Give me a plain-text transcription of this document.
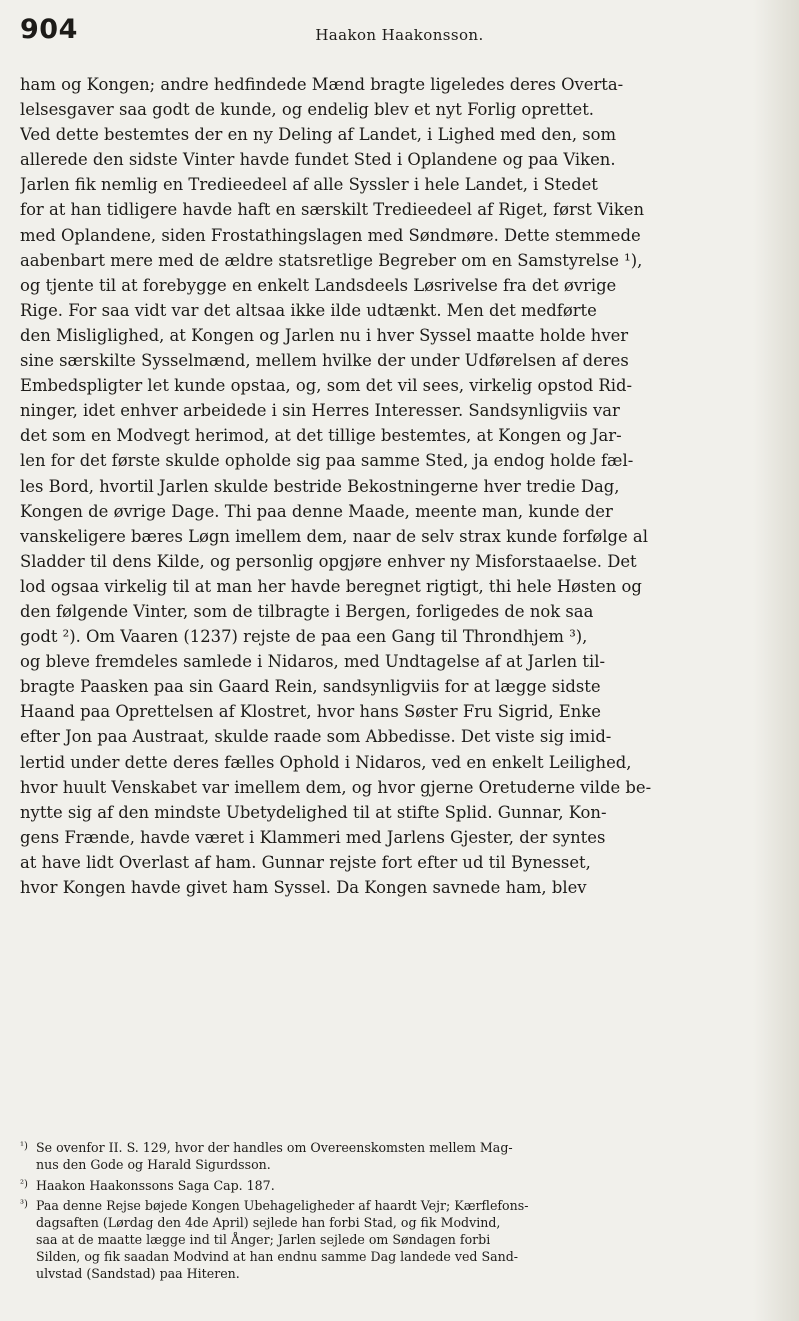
904	Haakon Haakonsson.
ham og Kongen; andre hedfindede Mænd bragte ligeledes deres Overta-
lelsesgaver saa godt de kunde, og endelig blev et nyt Forlig oprettet.
Ved dette bestemtes der en ny Deling af Landet, i Lighed med den, som
allerede den sidste Vinter havde fundet Sted i Oplandene og paa Viken.
Jarlen fik nemlig en Tredieedeel af alle Syssler i hele Landet, i Stedet
for at han tidligere havde haft en særskilt Tredieedeel af Riget, først Viken
med Oplandene, siden Frostathingslagen med Søndmøre. Dette stemmede
aabenbart mere med de ældre statsretlige Begreber om en Samstyrelse ¹),
og tjente til at forebygge en enkelt Landsdeels Løsrivelse fra det øvrige
Rige. For saa vidt var det altsaa ikke ilde udtænkt. Men det medførte
den Misliglighed, at Kongen og Jarlen nu i hver Syssel maatte holde hver
sine særskilte Sysselmænd, mellem hvilke der under Udførelsen af deres
Embedspligter let kunde opstaa, og, som det vil sees, virkelig opstod Rid-
ninger, idet enhver arbeidede i sin Herres Interesser. Sandsynligviis var
det som en Modvegt herimod, at det tillige bestemtes, at Kongen og Jar-
len for det første skulde opholde sig paa samme Sted, ja endog holde fæl-
les Bord, hvortil Jarlen skulde bestride Bekostningerne hver tredie Dag,
Kongen de øvrige Dage. Thi paa denne Maade, meente man, kunde der
vanskeligere bæres Løgn imellem dem, naar de selv strax kunde forfølge al
Sladder til dens Kilde, og personlig opgjøre enhver ny Misforstaaelse. Det
lod ogsaa virkelig til at man her havde beregnet rigtigt, thi hele Høsten og
den følgende Vinter, som de tilbragte i Bergen, forligedes de nok saa
godt ²). Om Vaaren (1237) rejste de paa een Gang til Throndhjem ³),
og blevе fremdeles samlede i Nidaros, med Undtagelse af at Jarlen til-
bragte Paasken paa sin Gaard Rein, sandsynligviis for at lægge sidste
Haand paa Oprettelsen af Klostret, hvor hans Søster Fru Sigrid, Enke
efter Jon paa Austraat, skulde raade som Abbedisse. Det viste sig imid-
lertid under dette deres fælles Ophold i Nidaros, ved en enkelt Leilighed,
hvor huult Venskabet var imellem dem, og hvor gjerne Oretuderne vilde be-
nytte sig af den mindste Ubetydelighed til at stifte Splid. Gunnar, Kon-
gens Frænde, havde været i Klammeri med Jarlens Gjester, der syntes
at have lidt Overlast af ham. Gunnar rejste fort efter ud til Bynesset,
hvor Kongen havde givet ham Syssel. Da Kongen savnede ham, blev
¹) Se ovenfor II. S. 129, hvor der handles om Overeenskomsten mellem Mag-
nus den Gode og Harald Sigurdsson.
²) Haakon Haakonssons Saga Cap. 187.
³) Paa denne Rejse bøjede Kongen Ubehageligheder af haardt Vejr; Kærflefons-
dagsaften (Lørdag den 4de April) sejlede han forbi Stad, og fik Modvind,
saa at de maatte lægge ind til Ånger; Jarlen sejlede om Søndagen forbi
Silden, og fik saadan Modvind at han endnu samme Dag landede ved Sand-
ulvstad (Sandstad) paa Hiteren.
